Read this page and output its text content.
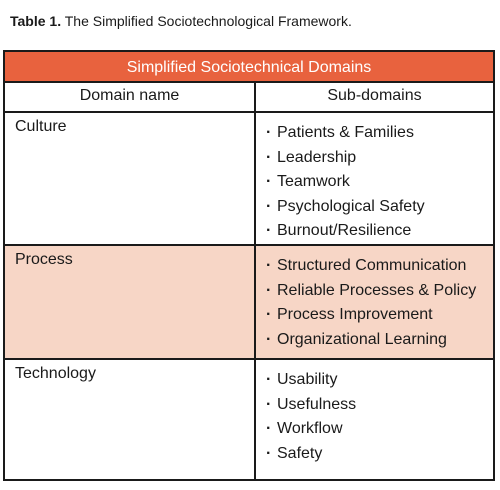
Table 1. The Simplified Sociotechnological Framework.
Simplified Sociotechnical Domains
Domain name	Sub-domains
Culture	· Patients & Families
· Leadership
· Teamwork
· Psychological Safety
· Burnout/Resilience
Process	· Structured Communication
· Reliable Processes & Policy
· Process Improvement
· Organizational Learning
Technology	· Usability
· Usefulness
· Workflow
· Safety
